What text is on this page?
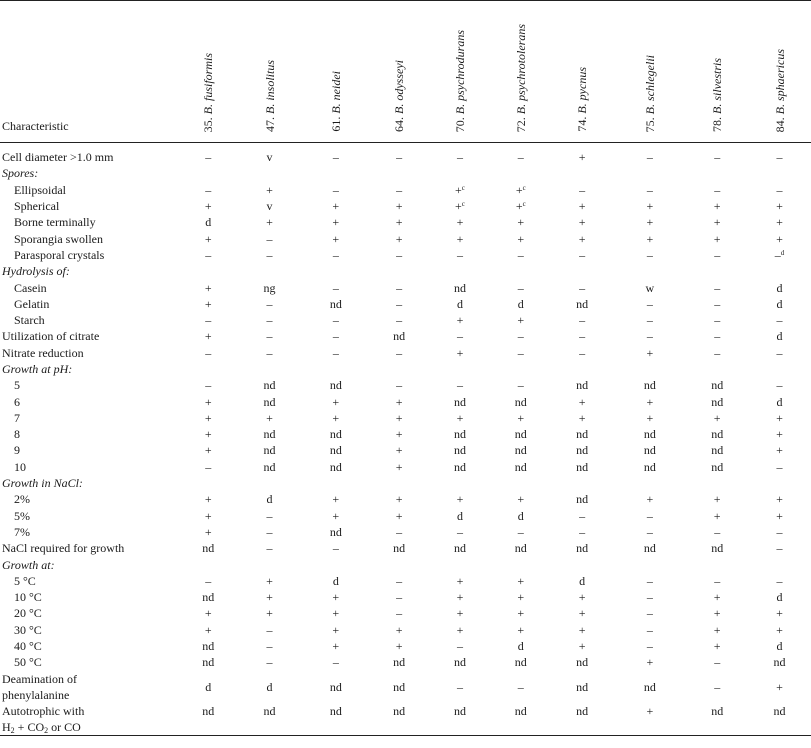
Characteristic	35. B. fusiformis	47. B. insolitus	61. B. neidei	64. B. odysseyi	70. B. psychrodurans	72. B. psychrotolerans	74. B. pycnus	75. B. schlegelii	78. B. silvestris	84. B. sphaericus

Cell diameter >1.0 mm	–	v	–	–	–	–	+	–	–	–
Spores:										
Ellipsoidal	–	+	–	–	+$^c$	+$^c$	–	–	–	–
Spherical	+	v	+	+	+$^c$	+$^c$	+	+	+	+
Borne terminally	d	+	+	+	+	+	+	+	+	+
Sporangia swollen	+	–	+	+	+	+	+	+	+	+
Parasporal crystals	–	–	–	–	–	–	–	–	–	–$^d$
Hydrolysis of:										
Casein	+	ng	–	–	nd	–	–	w	–	d
Gelatin	+	–	nd	–	d	d	nd	–	–	d
Starch	–	–	–	–	+	+	–	–	–	–
Utilization of citrate	+	–	–	nd	–	–	–	–	–	d
Nitrate reduction	–	–	–	–	+	–	–	+	–	–
Growth at pH:										
5	–	nd	nd	–	–	–	nd	nd	nd	–
6	+	nd	+	+	nd	nd	+	+	nd	d
7	+	+	+	+	+	+	+	+	+	+
8	+	nd	nd	+	nd	nd	nd	nd	nd	+
9	+	nd	nd	+	nd	nd	nd	nd	nd	+
10	–	nd	nd	+	nd	nd	nd	nd	nd	–
Growth in NaCl:										
2%	+	d	+	+	+	+	nd	+	+	+
5%	+	–	+	+	d	d	–	–	+	+
7%	+	–	nd	–	–	–	–	–	–	–
NaCl required for growth	nd	–	–	nd	nd	nd	nd	nd	nd	–
Growth at:										
5 °C	–	+	d	–	+	+	d	–	–	–
10 °C	nd	+	+	–	+	+	+	–	+	d
20 °C	+	+	+	–	+	+	+	–	+	+
30 °C	+	–	+	+	+	+	+	–	+	+
40 °C	nd	–	+	+	–	d	+	–	+	d
50 °C	nd	–	–	nd	nd	nd	nd	+	–	nd
Deamination of
phenylalanine	d	d	nd	nd	–	–	nd	nd	–	+
Autotrophic with
$H_2 + CO_2$ or CO	nd	nd	nd	nd	nd	nd	nd	+	nd	nd
